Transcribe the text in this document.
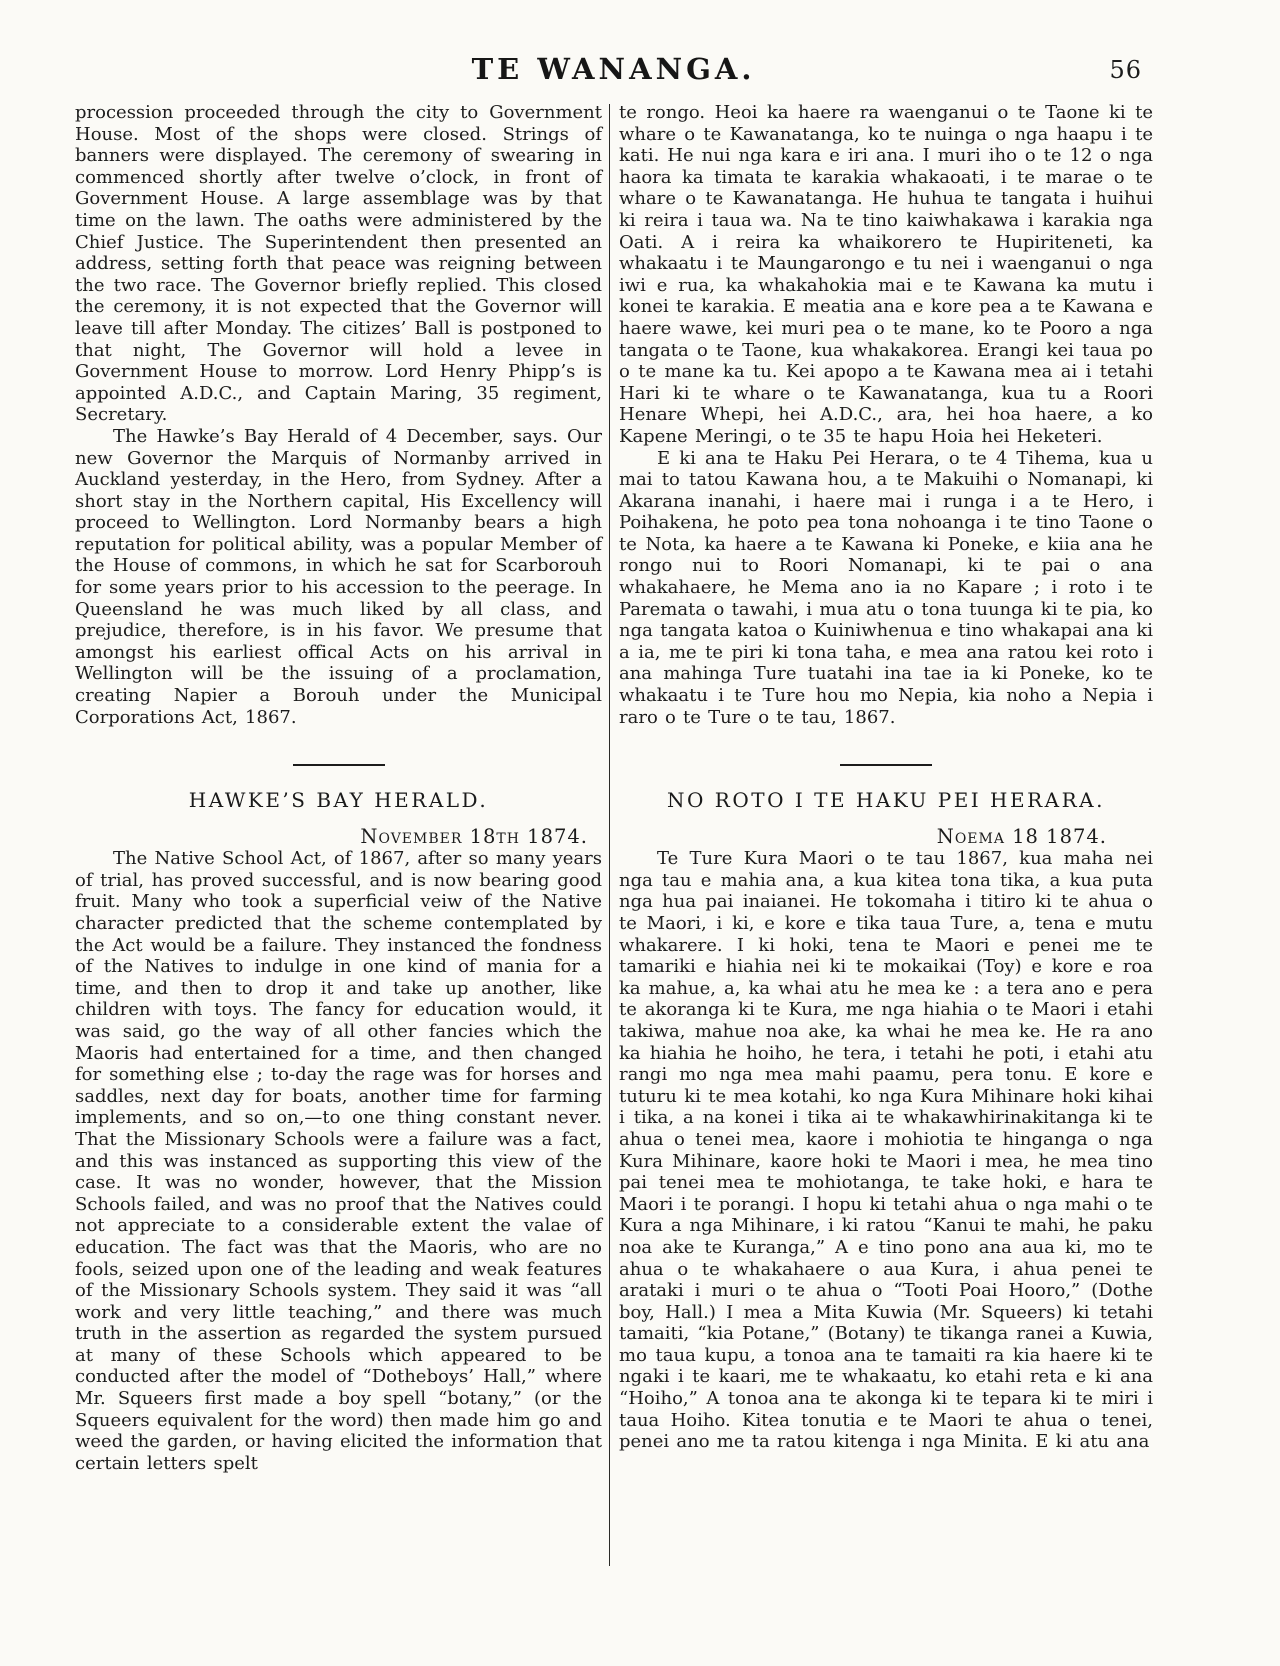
TE WANANGA.	56

procession proceeded through the city to Government House. Most of the shops were closed. Strings of banners were displayed. The ceremony of swearing in commenced shortly after twelve o’clock, in front of Government House. A large assemblage was by that time on the lawn. The oaths were administered by the Chief Justice. The Superintendent then presented an address, setting forth that peace was reigning between the two race. The Governor briefly replied. This closed the ceremony, it is not expected that the Governor will leave till after Monday. The citizes’ Ball is postponed to that night, The Governor will hold a levee in Government House to morrow. Lord Henry Phipp’s is appointed A.D.C., and Captain Maring, 35 regiment, Secretary.

The Hawke’s Bay Herald of 4 December, says. Our new Governor the Marquis of Normanby arrived in Auckland yesterday, in the Hero, from Sydney. After a short stay in the Northern capital, His Excellency will proceed to Wellington. Lord Normanby bears a high reputation for political ability, was a popular Member of the House of commons, in which he sat for Scarborouh for some years prior to his accession to the peerage. In Queensland he was much liked by all class, and prejudice, therefore, is in his favor. We presume that amongst his earliest offical Acts on his arrival in Wellington will be the issuing of a proclamation, creating Napier a Borouh under the Municipal Corporations Act, 1867.

HAWKE’S BAY HERALD.
November 18th 1874.

The Native School Act, of 1867, after so many years of trial, has proved successful, and is now bearing good fruit. Many who took a superficial veiw of the Native character predicted that the scheme contemplated by the Act would be a failure. They instanced the fondness of the Natives to indulge in one kind of mania for a time, and then to drop it and take up another, like children with toys. The fancy for education would, it was said, go the way of all other fancies which the Maoris had entertained for a time, and then changed for something else ; to-day the rage was for horses and saddles, next day for boats, another time for farming implements, and so on,—to one thing constant never. That the Missionary Schools were a failure was a fact, and this was instanced as supporting this view of the case. It was no wonder, however, that the Mission Schools failed, and was no proof that the Natives could not appreciate to a considerable extent the valae of education. The fact was that the Maoris, who are no fools, seized upon one of the leading and weak features of the Missionary Schools system. They said it was “all work and very little teaching,” and there was much truth in the assertion as regarded the system pursued at many of these Schools which appeared to be conducted after the model of “Dotheboys’ Hall,” where Mr. Squeers first made a boy spell “botany,” (or the Squeers equivalent for the word) then made him go and weed the garden, or having elicited the information that certain letters spelt

te rongo. Heoi ka haere ra waenganui o te Taone ki te whare o te Kawanatanga, ko te nuinga o nga haapu i te kati. He nui nga kara e iri ana. I muri iho o te 12 o nga haora ka timata te karakia whakaoati, i te marae o te whare o te Kawanatanga. He huhua te tangata i huihui ki reira i taua wa. Na te tino kaiwhakawa i karakia nga Oati. A i reira ka whaikorero te Hupiriteneti, ka whakaatu i te Maungarongo e tu nei i waenganui o nga iwi e rua, ka whakahokia mai e te Kawana ka mutu i konei te karakia. E meatia ana e kore pea a te Kawana e haere wawe, kei muri pea o te mane, ko te Pooro a nga tangata o te Taone, kua whakakorea. Erangi kei taua po o te mane ka tu. Kei apopo a te Kawana mea ai i tetahi Hari ki te whare o te Kawanatanga, kua tu a Roori Henare Whepi, hei A.D.C., ara, hei hoa haere, a ko Kapene Meringi, o te 35 te hapu Hoia hei Heketeri.

E ki ana te Haku Pei Herara, o te 4 Tihema, kua u mai to tatou Kawana hou, a te Makuihi o Nomanapi, ki Akarana inanahi, i haere mai i runga i a te Hero, i Poihakena, he poto pea tona nohoanga i te tino Taone o te Nota, ka haere a te Kawana ki Poneke, e kiia ana he rongo nui to Roori Nomanapi, ki te pai o ana whakahaere, he Mema ano ia no Kapare ; i roto i te Paremata o tawahi, i mua atu o tona tuunga ki te pia, ko nga tangata katoa o Kuiniwhenua e tino whakapai ana ki a ia, me te piri ki tona taha, e mea ana ratou kei roto i ana mahinga Ture tuatahi ina tae ia ki Poneke, ko te whakaatu i te Ture hou mo Nepia, kia noho a Nepia i raro o te Ture o te tau, 1867.

NO ROTO I TE HAKU PEI HERARA.
Noema 18 1874.

Te Ture Kura Maori o te tau 1867, kua maha nei nga tau e mahia ana, a kua kitea tona tika, a kua puta nga hua pai inaianei. He tokomaha i titiro ki te ahua o te Maori, i ki, e kore e tika taua Ture, a, tena e mutu whakarere. I ki hoki, tena te Maori e penei me te tamariki e hiahia nei ki te mokaikai (Toy) e kore e roa ka mahue, a, ka whai atu he mea ke : a tera ano e pera te akoranga ki te Kura, me nga hiahia o te Maori i etahi takiwa, mahue noa ake, ka whai he mea ke. He ra ano ka hiahia he hoiho, he tera, i tetahi he poti, i etahi atu rangi mo nga mea mahi paamu, pera tonu. E kore e tuturu ki te mea kotahi, ko nga Kura Mihinare hoki kihai i tika, a na konei i tika ai te whakawhirinakitanga ki te ahua o tenei mea, kaore i mohiotia te hinganga o nga Kura Mihinare, kaore hoki te Maori i mea, he mea tino pai tenei mea te mohiotanga, te take hoki, e hara te Maori i te porangi. I hopu ki tetahi ahua o nga mahi o te Kura a nga Mihinare, i ki ratou “Kanui te mahi, he paku noa ake te Kuranga,” A e tino pono ana aua ki, mo te ahua o te whakahaere o aua Kura, i ahua penei te arataki i muri o te ahua o “Tooti Poai Hooro,” (Dothe boy, Hall.) I mea a Mita Kuwia (Mr. Squeers) ki tetahi tamaiti, “kia Potane,” (Botany) te tikanga ranei a Kuwia, mo taua kupu, a tonoa ana te tamaiti ra kia haere ki te ngaki i te kaari, me te whakaatu, ko etahi reta e ki ana “Hoiho,” A tonoa ana te akonga ki te tepara ki te miri i taua Hoiho. Kitea tonutia e te Maori te ahua o tenei, penei ano me ta ratou kitenga i nga Minita. E ki atu ana
